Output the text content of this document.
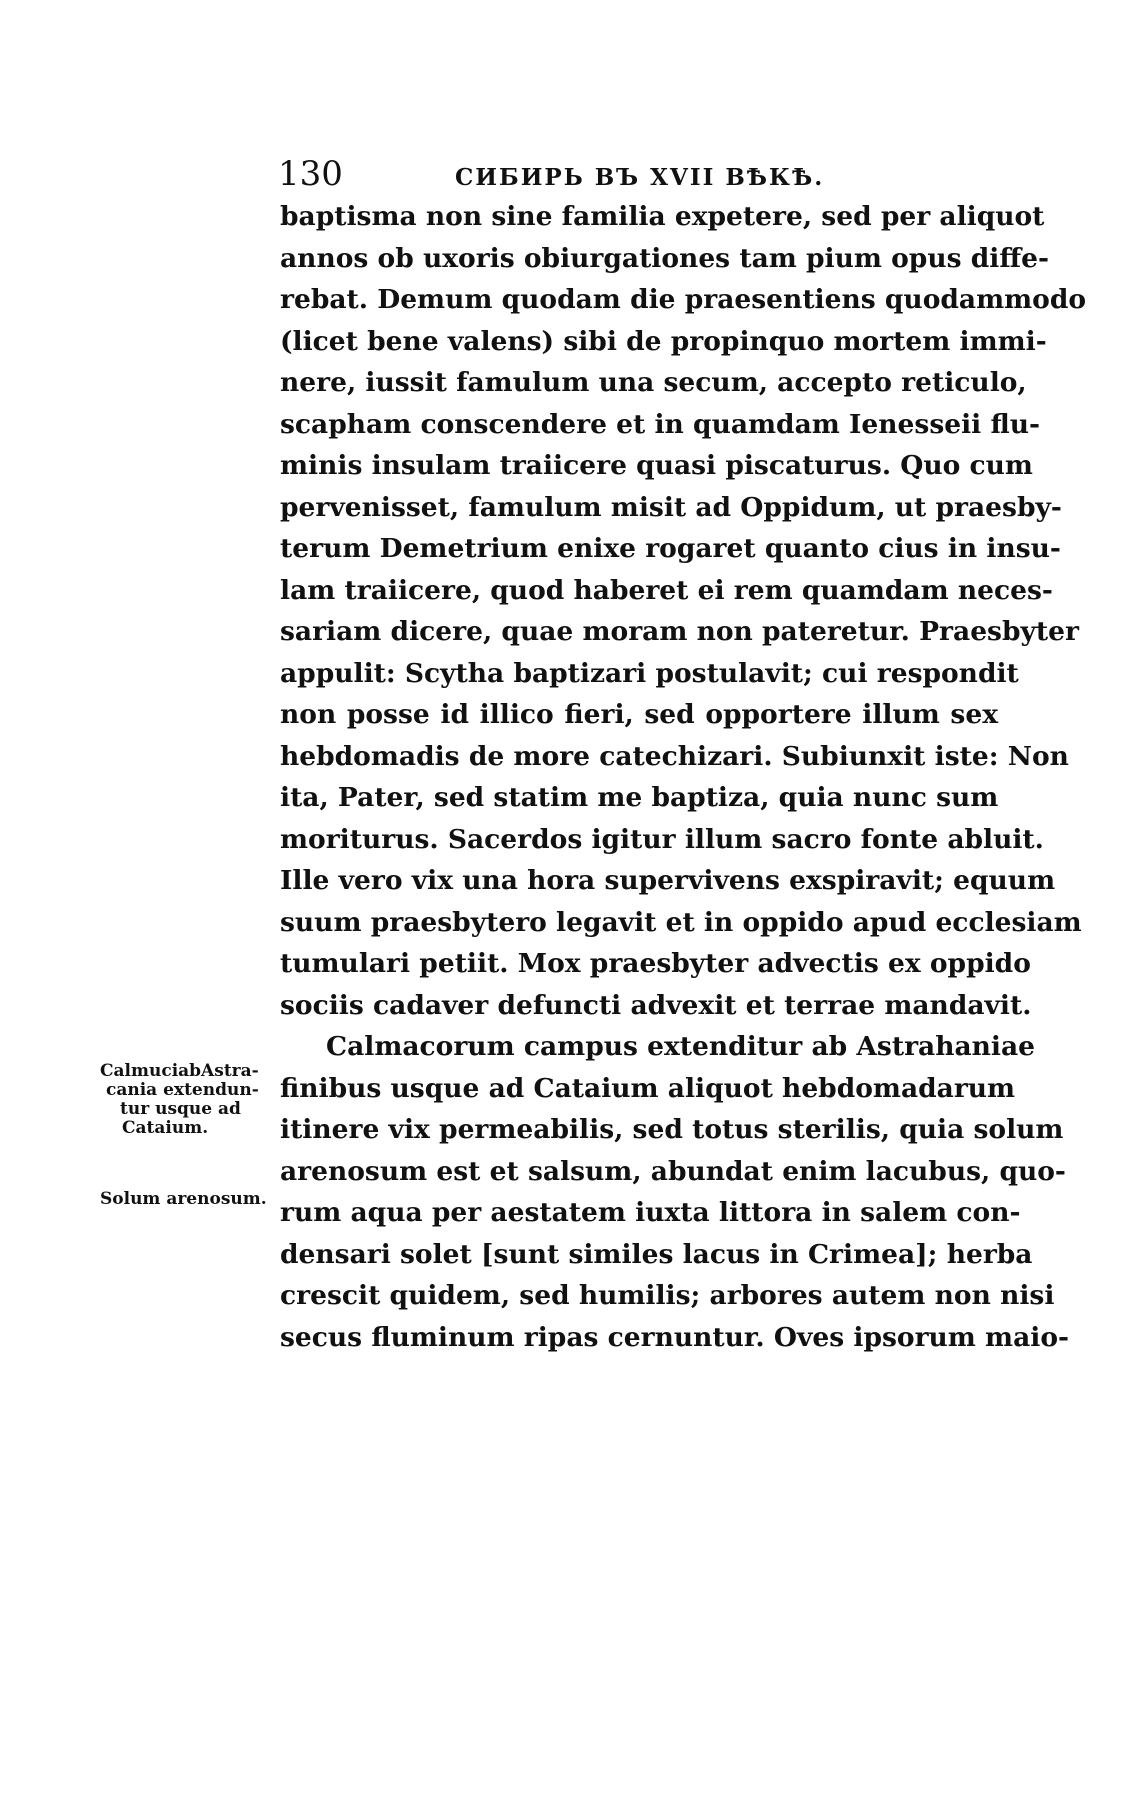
130	СИБИРЬ ВЪ XVII ВѢКѢ.
baptisma non sine familia expetere, sed per aliquot
annos ob uxoris obiurgationes tam pium opus diffe-
rebat. Demum quodam die praesentiens quodammodo
(licet bene valens) sibi de propinquo mortem immi-
nere, iussit famulum una secum, accepto reticulo,
scapham conscendere et in quamdam Ienesseii flu-
minis insulam traiicere quasi piscaturus. Quo cum
pervenisset, famulum misit ad Oppidum, ut praesby-
terum Demetrium enixe rogaret quanto cius in insu-
lam traiicere, quod haberet ei rem quamdam neces-
sariam dicere, quae moram non pateretur. Praesbyter
appulit: Scytha baptizari postulavit; cui respondit
non posse id illico fieri, sed opportere illum sex
hebdomadis de more catechizari. Subiunxit iste: Non
ita, Pater, sed statim me baptiza, quia nunc sum
moriturus. Sacerdos igitur illum sacro fonte abluit.
Ille vero vix una hora supervivens exspiravit; equum
suum praesbytero legavit et in oppido apud ecclesiam
tumulari petiit. Mox praesbyter advectis ex oppido
sociis cadaver defuncti advexit et terrae mandavit.
Calmacorum campus extenditur ab Astrahaniae
finibus usque ad Cataium aliquot hebdomadarum
itinere vix permeabilis, sed totus sterilis, quia solum
arenosum est et salsum, abundat enim lacubus, quo-
rum aqua per aestatem iuxta littora in salem con-
densari solet [sunt similes lacus in Crimea]; herba
crescit quidem, sed humilis; arbores autem non nisi
secus fluminum ripas cernuntur. Oves ipsorum maio-
CalmuciabAstra-
cania extendun-
tur usque ad
Cataium.
Solum arenosum.
